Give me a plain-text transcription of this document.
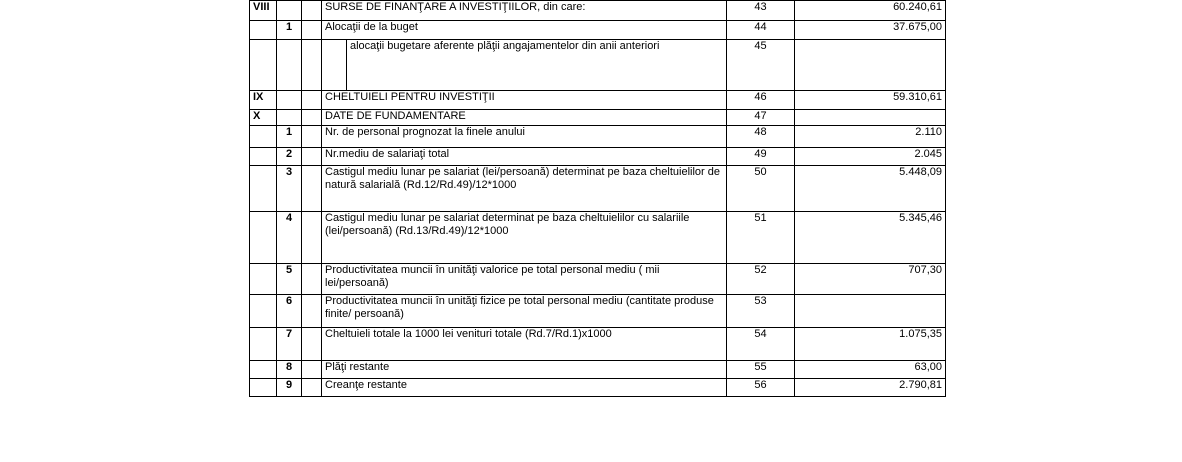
VIII			SURSE DE FINANŢARE A INVESTIŢIILOR, din care:	43	60.240,61
	1		Alocaţii de la buget	44	37.675,00

			alocaţii bugetare aferente plăţii angajamentelor din anii anteriori	45	
IX			CHELTUIELI PENTRU INVESTIŢII	46	59.310,61
X			DATE DE FUNDAMENTARE	47	
	1		Nr. de personal prognozat la finele anului	48	2.110
	2		Nr.mediu de salariaţi total	49	2.045
	3		Castigul mediu lunar pe salariat (lei/persoană) determinat pe baza cheltuielilor de natură salarială (Rd.12/Rd.49)/12*1000	50	5.448,09
	4		Castigul mediu lunar pe salariat determinat pe baza cheltuielilor cu salariile (lei/persoană) (Rd.13/Rd.49)/12*1000	51	5.345,46
	5		Productivitatea muncii în unităţi valorice pe total personal mediu ( mii lei/persoană)	52	707,30
	6		Productivitatea muncii în unităţi fizice pe total personal mediu (cantitate produse finite/ persoană)	53	
	7		Cheltuieli totale la 1000 lei venituri totale (Rd.7/Rd.1)x1000	54	1.075,35
	8		Plăţi restante	55	63,00
	9		Creanţe restante	56	2.790,81
